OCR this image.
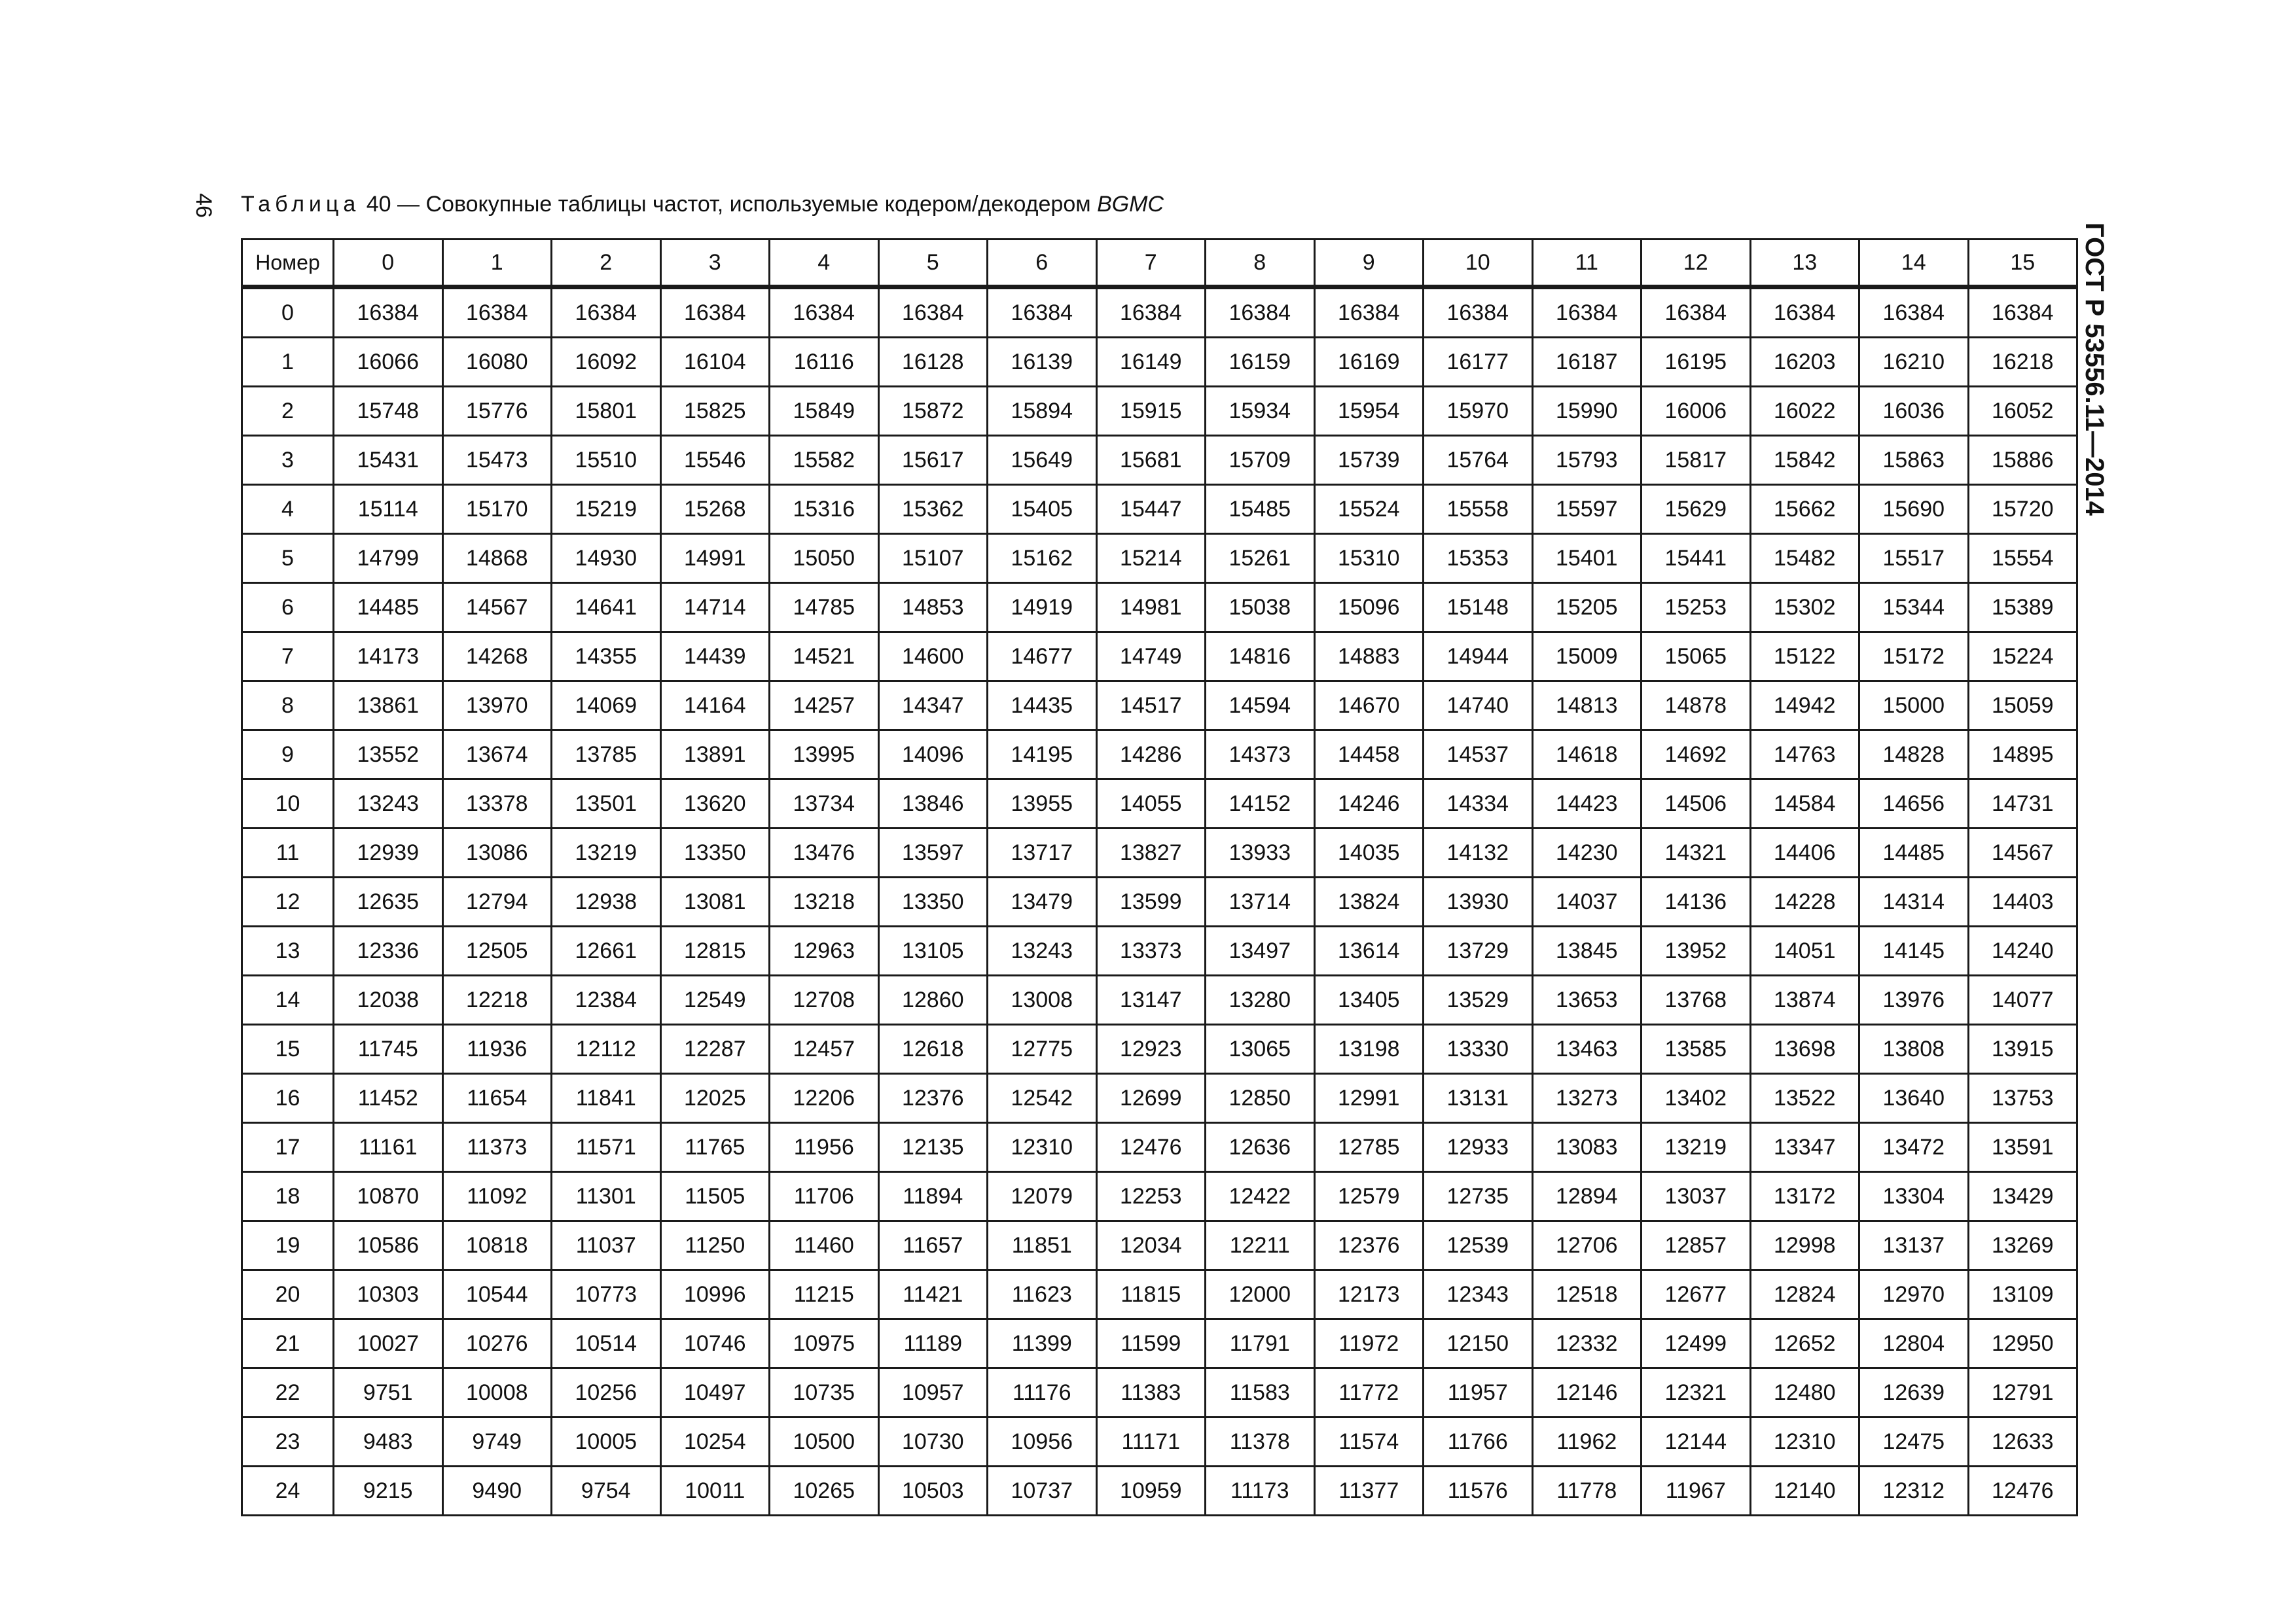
46 Таблица 40 — Совокупные таблицы частот, используемые кодером/декодером BGMC
ГОСТ Р 53556.11—2014
Номер	0	1	2	3	4	5	6	7	8	9	10	11	12	13	14	15
0	16384	16384	16384	16384	16384	16384	16384	16384	16384	16384	16384	16384	16384	16384	16384	16384
1	16066	16080	16092	16104	16116	16128	16139	16149	16159	16169	16177	16187	16195	16203	16210	16218
2	15748	15776	15801	15825	15849	15872	15894	15915	15934	15954	15970	15990	16006	16022	16036	16052
3	15431	15473	15510	15546	15582	15617	15649	15681	15709	15739	15764	15793	15817	15842	15863	15886
4	15114	15170	15219	15268	15316	15362	15405	15447	15485	15524	15558	15597	15629	15662	15690	15720
5	14799	14868	14930	14991	15050	15107	15162	15214	15261	15310	15353	15401	15441	15482	15517	15554
6	14485	14567	14641	14714	14785	14853	14919	14981	15038	15096	15148	15205	15253	15302	15344	15389
7	14173	14268	14355	14439	14521	14600	14677	14749	14816	14883	14944	15009	15065	15122	15172	15224
8	13861	13970	14069	14164	14257	14347	14435	14517	14594	14670	14740	14813	14878	14942	15000	15059
9	13552	13674	13785	13891	13995	14096	14195	14286	14373	14458	14537	14618	14692	14763	14828	14895
10	13243	13378	13501	13620	13734	13846	13955	14055	14152	14246	14334	14423	14506	14584	14656	14731
11	12939	13086	13219	13350	13476	13597	13717	13827	13933	14035	14132	14230	14321	14406	14485	14567
12	12635	12794	12938	13081	13218	13350	13479	13599	13714	13824	13930	14037	14136	14228	14314	14403
13	12336	12505	12661	12815	12963	13105	13243	13373	13497	13614	13729	13845	13952	14051	14145	14240
14	12038	12218	12384	12549	12708	12860	13008	13147	13280	13405	13529	13653	13768	13874	13976	14077
15	11745	11936	12112	12287	12457	12618	12775	12923	13065	13198	13330	13463	13585	13698	13808	13915
16	11452	11654	11841	12025	12206	12376	12542	12699	12850	12991	13131	13273	13402	13522	13640	13753
17	11161	11373	11571	11765	11956	12135	12310	12476	12636	12785	12933	13083	13219	13347	13472	13591
18	10870	11092	11301	11505	11706	11894	12079	12253	12422	12579	12735	12894	13037	13172	13304	13429
19	10586	10818	11037	11250	11460	11657	11851	12034	12211	12376	12539	12706	12857	12998	13137	13269
20	10303	10544	10773	10996	11215	11421	11623	11815	12000	12173	12343	12518	12677	12824	12970	13109
21	10027	10276	10514	10746	10975	11189	11399	11599	11791	11972	12150	12332	12499	12652	12804	12950
22	9751	10008	10256	10497	10735	10957	11176	11383	11583	11772	11957	12146	12321	12480	12639	12791
23	9483	9749	10005	10254	10500	10730	10956	11171	11378	11574	11766	11962	12144	12310	12475	12633
24	9215	9490	9754	10011	10265	10503	10737	10959	11173	11377	11576	11778	11967	12140	12312	12476
